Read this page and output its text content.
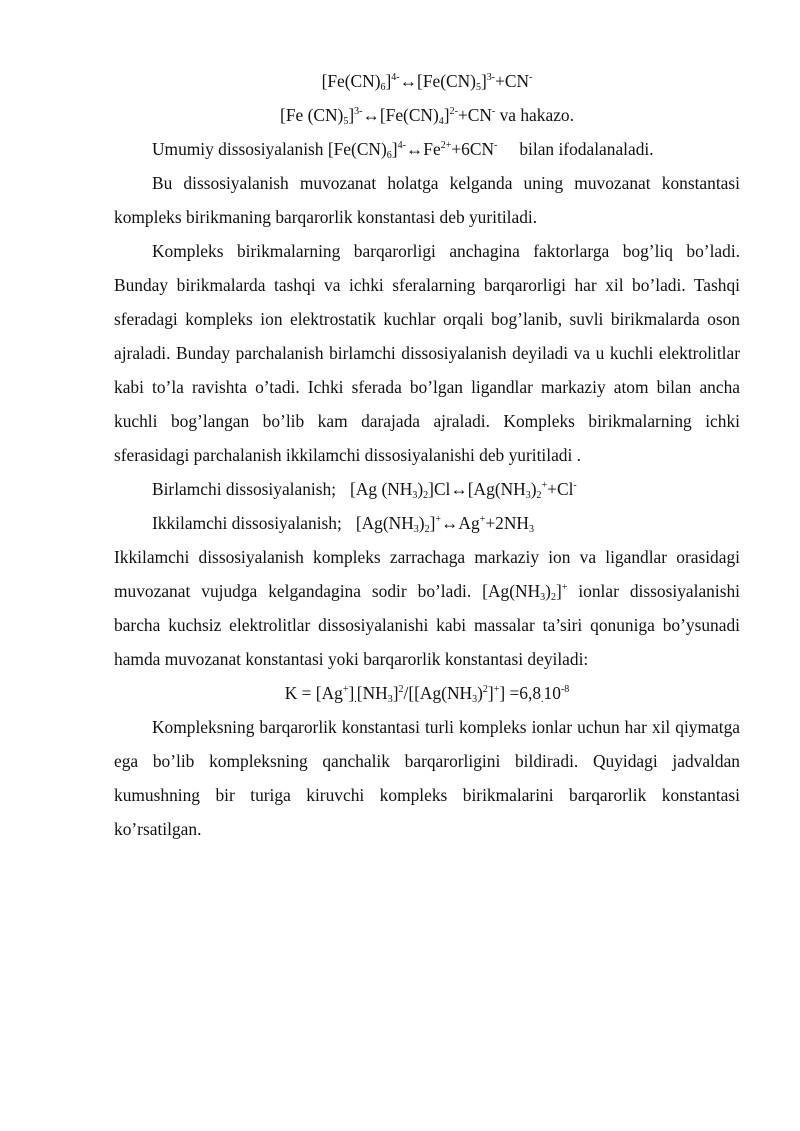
$[Fe(CN)_6]^{4-}\leftrightarrow[Fe(CN)_5]^{3-}+CN^-$
[Fe $(CN)_5]^{3-}\leftrightarrow[Fe(CN)_4]^{2-}+CN^-$ va hakazo.
Umumiy dissosiyalanish $[Fe(CN)_6]^{4-}\leftrightarrow Fe^{2+}+6CN^-$ bilan ifodalanaladi.
Bu dissosiyalanish muvozanat holatga kelganda uning muvozanat konstantasi kompleks birikmaning barqarorlik konstantasi deb yuritiladi.
Kompleks birikmalarning barqarorligi anchagina faktorlarga bog’liq bo’ladi. Bunday birikmalarda tashqi va ichki sferalarning barqarorligi har xil bo’ladi. Tashqi sferadagi kompleks ion elektrostatik kuchlar orqali bog’lanib, suvli birikmalarda oson ajraladi. Bunday parchalanish birlamchi dissosiyalanish deyiladi va u kuchli elektrolitlar kabi to’la ravishta o’tadi. Ichki sferada bo’lgan ligandlar markaziy atom bilan ancha kuchli bog’langan bo’lib kam darajada ajraladi. Kompleks birikmalarning ichki sferasidagi parchalanish ikkilamchi dissosiyalanishi deb yuritiladi .
Birlamchi dissosiyalanish; [Ag $(NH_3)_2]Cl\leftrightarrow[Ag(NH_3)_2^++Cl^-$
Ikkilamchi dissosiyalanish; $[Ag(NH_3)_2]^+\leftrightarrow Ag^++2NH_3$
Ikkilamchi dissosiyalanish kompleks zarrachaga markaziy ion va ligandlar orasidagi muvozanat vujudga kelgandagina sodir bo’ladi. $[Ag(NH_3)_2]^+$ ionlar dissosiyalanishi barcha kuchsiz elektrolitlar dissosiyalanishi kabi massalar ta’siri qonuniga bo’ysunadi hamda muvozanat konstantasi yoki barqarorlik konstantasi deyiladi:
$K = [Ag^+]_.[NH_3]^2/[[Ag(NH_3)^2]^+] =6,8_.10^{-8}$
Kompleksning barqarorlik konstantasi turli kompleks ionlar uchun har xil qiymatga ega bo’lib kompleksning qanchalik barqarorligini bildiradi. Quyidagi jadvaldan kumushning bir turiga kiruvchi kompleks birikmalarini barqarorlik konstantasi ko’rsatilgan.
